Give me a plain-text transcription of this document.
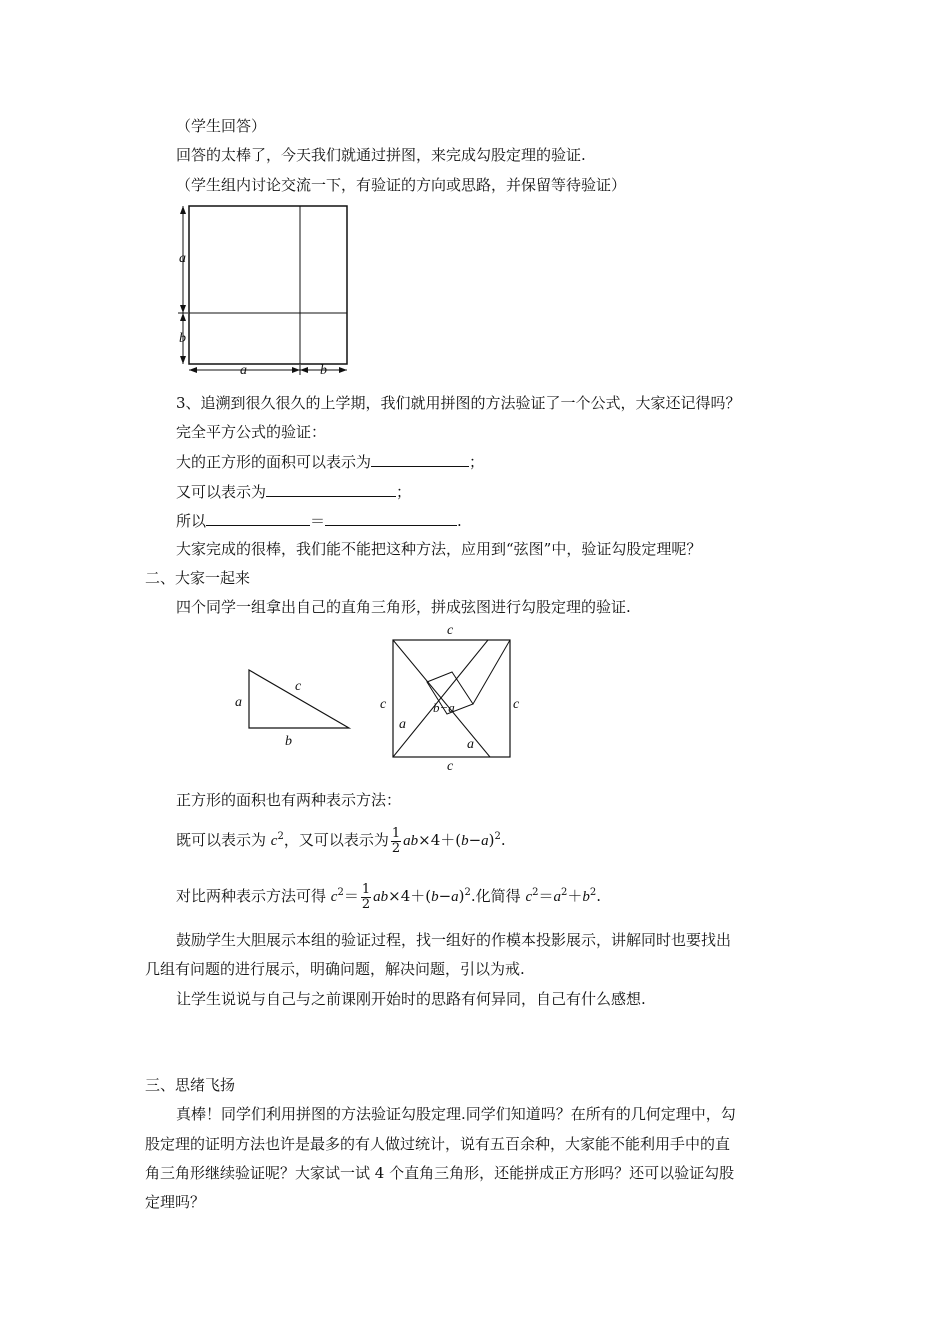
（学生回答）
回答的太棒了，今天我们就通过拼图，来完成勾股定理的验证.
（学生组内讨论交流一下，有验证的方向或思路，并保留等待验证）
a
b
a	b
3、追溯到很久很久的上学期，我们就用拼图的方法验证了一个公式，大家还记得吗？
完全平方公式的验证：
大的正方形的面积可以表示为	；
又可以表示为	；
所以	＝	.
大家完成的很棒，我们能不能把这种方法，应用到“弦图”中，验证勾股定理呢？
二、大家一起来
四个同学一组拿出自己的直角三角形，拼成弦图进行勾股定理的验证.
a
c
b
c
c	c
c
b−a
a
a
正方形的面积也有两种表示方法：
既可以表示为 $c^2$，又可以表示为 $\frac{1}{2} ab\times 4+(b-a)^2$.
对比两种表示方法可得 $c^2= \frac{1}{2} ab\times 4+(b-a)^2$.化简得 $c^2=a^2+b^2$.
鼓励学生大胆展示本组的验证过程，找一组好的作模本投影展示，讲解同时也要找出
几组有问题的进行展示，明确问题，解决问题，引以为戒.
让学生说说与自己与之前课刚开始时的思路有何异同，自己有什么感想.
三、思绪飞扬
真棒！同学们利用拼图的方法验证勾股定理.同学们知道吗？在所有的几何定理中，勾
股定理的证明方法也许是最多的有人做过统计，说有五百余种，大家能不能利用手中的直
角三角形继续验证呢？大家试一试 4 个直角三角形，还能拼成正方形吗？还可以验证勾股
定理吗？
